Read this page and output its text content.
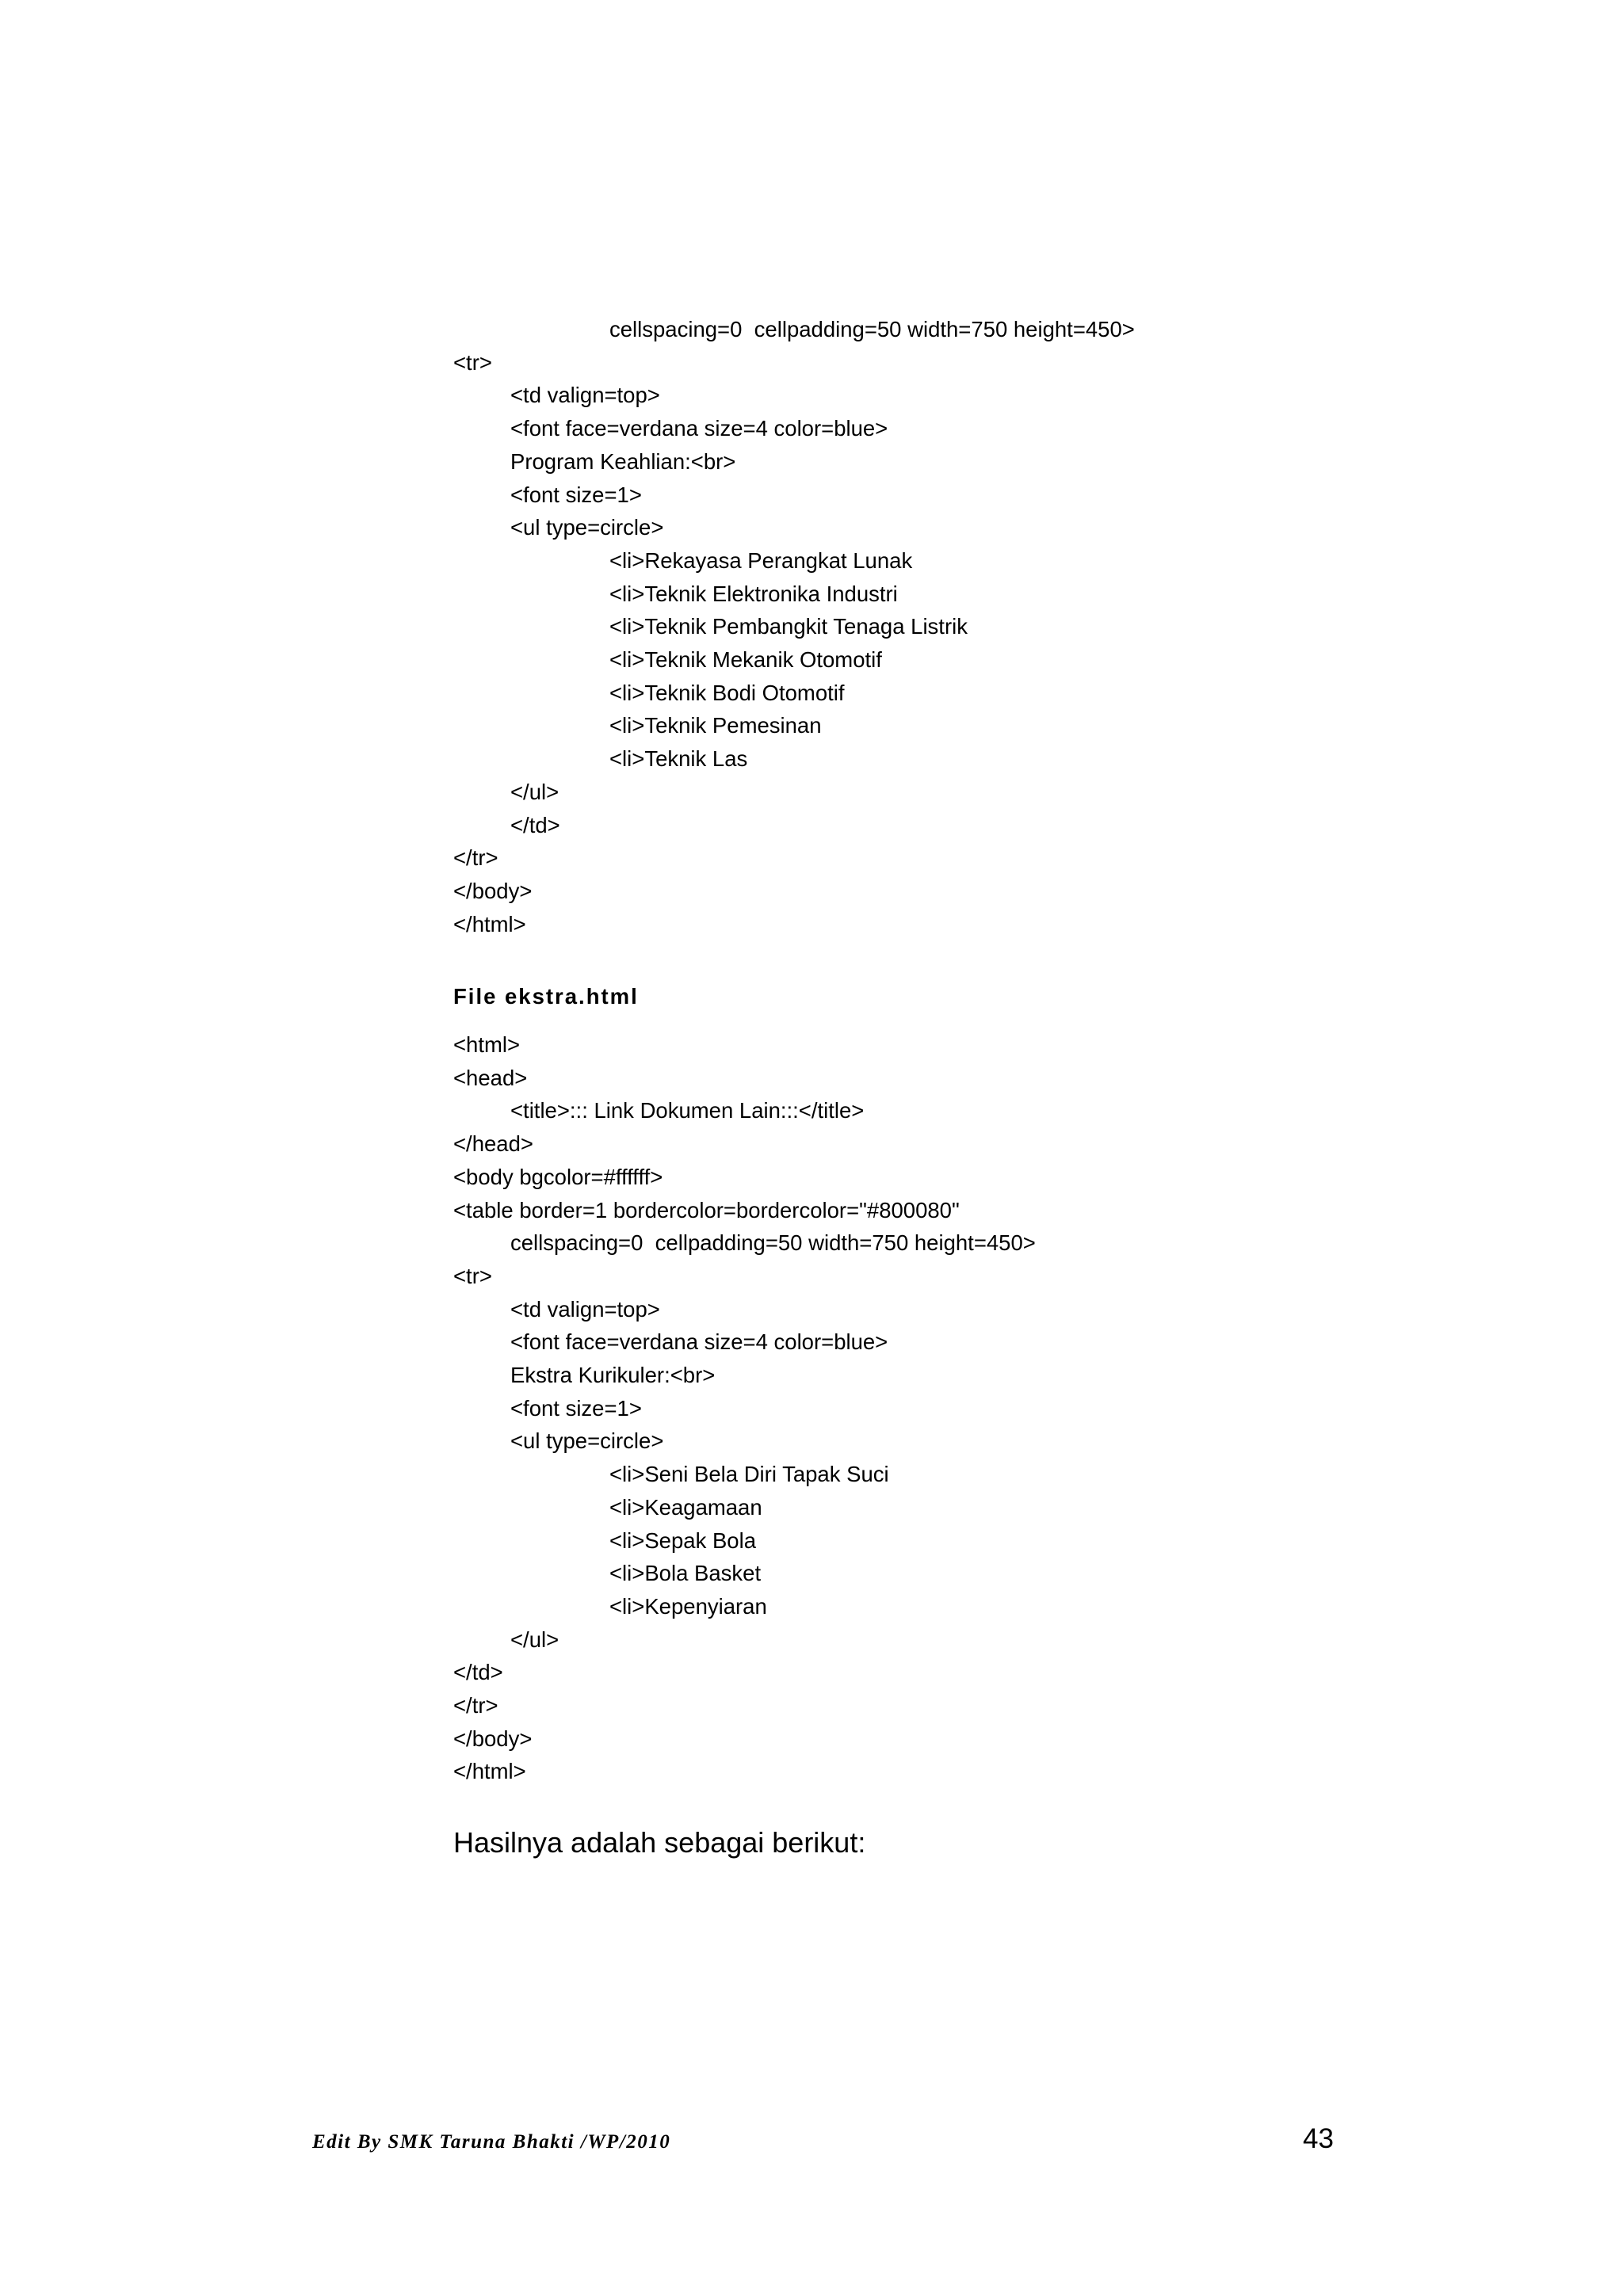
cellspacing=0  cellpadding=50 width=750 height=450>
<tr>
<td valign=top>
<font face=verdana size=4 color=blue>
Program Keahlian:<br>
<font size=1>
<ul type=circle>
<li>Rekayasa Perangkat Lunak
<li>Teknik Elektronika Industri
<li>Teknik Pembangkit Tenaga Listrik
<li>Teknik Mekanik Otomotif
<li>Teknik Bodi Otomotif
<li>Teknik Pemesinan
<li>Teknik Las
</ul>
</td>
</tr>
</body>
</html>
File ekstra.html
<html>
<head>
<title>::: Link Dokumen Lain:::</title>
</head>
<body bgcolor=#ffffff>
<table border=1 bordercolor=bordercolor="#800080"
cellspacing=0  cellpadding=50 width=750 height=450>
<tr>
<td valign=top>
<font face=verdana size=4 color=blue>
Ekstra Kurikuler:<br>
<font size=1>
<ul type=circle>
<li>Seni Bela Diri Tapak Suci
<li>Keagamaan
<li>Sepak Bola
<li>Bola Basket
<li>Kepenyiaran
</ul>
</td>
</tr>
</body>
</html>
Hasilnya adalah sebagai berikut:
Edit By SMK Taruna Bhakti /WP/2010	43
